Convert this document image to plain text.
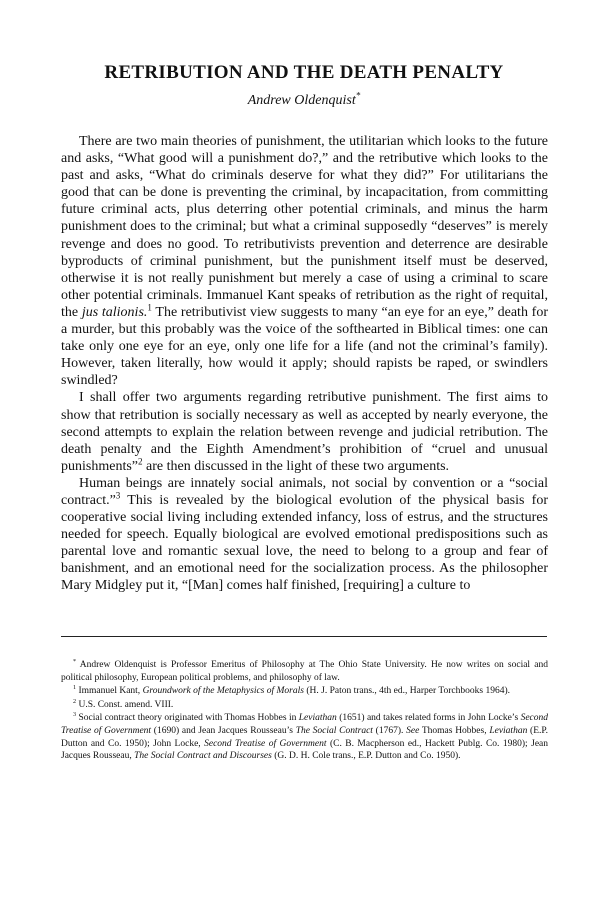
RETRIBUTION AND THE DEATH PENALTY
Andrew Oldenquist*

There are two main theories of punishment, the utilitarian which looks to the future and asks, “What good will a punishment do?,” and the retributive which looks to the past and asks, “What do criminals deserve for what they did?” For utilitarians the good that can be done is preventing the criminal, by incapacitation, from committing future criminal acts, plus deterring other potential criminals, and minus the harm punishment does to the criminal; but what a criminal supposedly “deserves” is merely revenge and does no good. To retributivists prevention and deterrence are desirable byproducts of criminal punishment, but the punishment itself must be deserved, otherwise it is not really punishment but merely a case of using a criminal to scare other potential criminals. Immanuel Kant speaks of retribution as the right of requital, the jus talionis.$^1$ The retributivist view suggests to many “an eye for an eye,” death for a murder, but this probably was the voice of the softhearted in Biblical times: one can take only one eye for an eye, only one life for a life (and not the criminal’s family). However, taken literally, how would it apply; should rapists be raped, or swindlers swindled?

I shall offer two arguments regarding retributive punishment. The first aims to show that retribution is socially necessary as well as accepted by nearly everyone, the second attempts to explain the relation between revenge and judicial retribution. The death penalty and the Eighth Amendment’s prohibition of “cruel and unusual punishments”$^2$ are then discussed in the light of these two arguments.

Human beings are innately social animals, not social by convention or a “social contract.”$^3$ This is revealed by the biological evolution of the physical basis for cooperative social living including extended infancy, loss of estrus, and the structures needed for speech. Equally biological are evolved emotional predispositions such as parental love and romantic sexual love, the need to belong to a group and fear of banishment, and an emotional need for the socialization process. As the philosopher Mary Midgley put it, “[Man] comes half finished, [requiring] a culture to

* Andrew Oldenquist is Professor Emeritus of Philosophy at The Ohio State University. He now writes on social and political philosophy, European political problems, and philosophy of law.

$^1$ Immanuel Kant, Groundwork of the Metaphysics of Morals (H. J. Paton trans., 4th ed., Harper Torchbooks 1964).

$^2$ U.S. Const. amend. VIII.

$^3$ Social contract theory originated with Thomas Hobbes in Leviathan (1651) and takes related forms in John Locke’s Second Treatise of Government (1690) and Jean Jacques Rousseau’s The Social Contract (1767). See Thomas Hobbes, Leviathan (E.P. Dutton and Co. 1950); John Locke, Second Treatise of Government (C. B. Macpherson ed., Hackett Publg. Co. 1980); Jean Jacques Rousseau, The Social Contract and Discourses (G. D. H. Cole trans., E.P. Dutton and Co. 1950).
